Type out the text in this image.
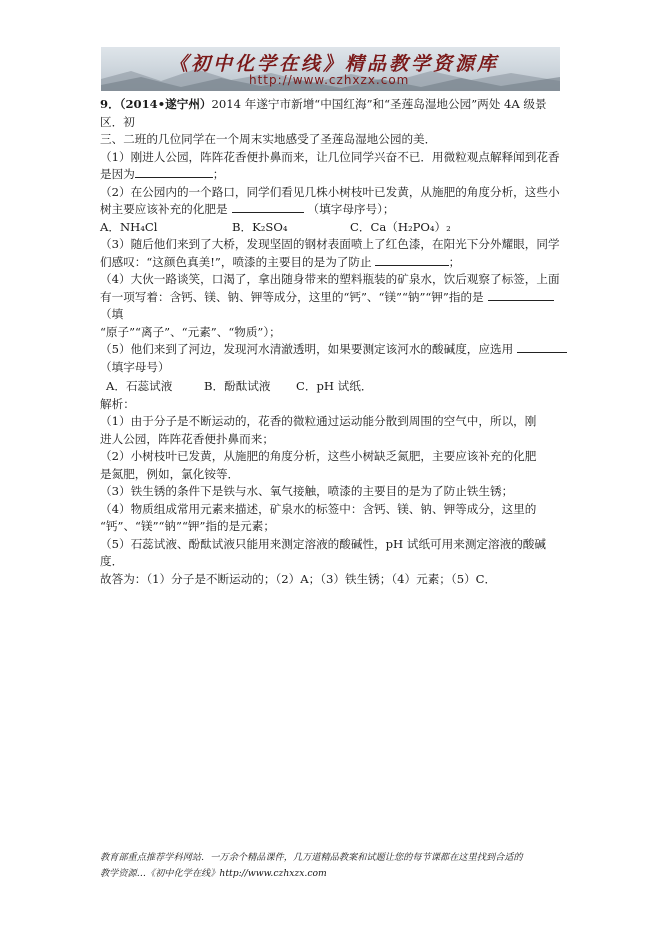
《初中化学在线》精品教学资源库
http://www.czhxzx.com

9．（2014•遂宁州）2014 年遂宁市新增“中国红海”和“圣莲岛湿地公园”两处 4A 级景区．初

三、二班的几位同学在一个周末实地感受了圣莲岛湿地公园的美．

（1）刚进人公园，阵阵花香便扑鼻而来，让几位同学兴奋不已．用微粒观点解释闻到花香

是因为	；

（2）在公园内的一个路口，同学们看见几株小树枝叶已发黄，从施肥的角度分析，这些小

树主要应该补充的化肥是	（填字母序号）；

A．NH₄Cl	B．K₂SO₄	C．Ca（H₂PO₄）₂

（3）随后他们来到了大桥，发现坚固的钢材表面喷上了红色漆，在阳光下分外耀眼，同学

们感叹：“这颜色真美!”，喷漆的主要目的是为了防止	；

（4）大伙一路谈笑，口渴了，拿出随身带来的塑料瓶装的矿泉水，饮后观察了标签，上面

有一项写着：含钙、镁、钠、钾等成分，这里的“钙”、“镁”“钠”“钾”指的是（填

“原子”“离子”、“元素”、“物质”）；

（5）他们来到了河边，发现河水清澈透明，如果要测定该河水的酸碱度，应选用

（填字母号）

A．石蕊试液	B．酚酞试液	C．pH 试纸．

解析：

（1）由于分子是不断运动的，花香的微粒通过运动能分散到周围的空气中，所以，刚

进人公园，阵阵花香便扑鼻而来；

（2）小树枝叶已发黄，从施肥的角度分析，这些小树缺乏氮肥，主要应该补充的化肥

是氮肥，例如，氯化铵等．

（3）铁生锈的条件下是铁与水、氧气接触，喷漆的主要目的是为了防止铁生锈；

（4）物质组成常用元素来描述，矿泉水的标签中：含钙、镁、钠、钾等成分，这里的

“钙”、“镁”“钠”“钾”指的是元素；

（5）石蕊试液、酚酞试液只能用来测定溶液的酸碱性，pH 试纸可用来测定溶液的酸碱

度．

故答为：（1）分子是不断运动的；（2）A；（3）铁生锈；（4）元素；（5）C．

教育部重点推荐学科网站．一万余个精品课件，几万道精品教案和试题让您的每节课都在这里找到合适的
教学资源…《初中化学在线》http://www.czhxzx.com
